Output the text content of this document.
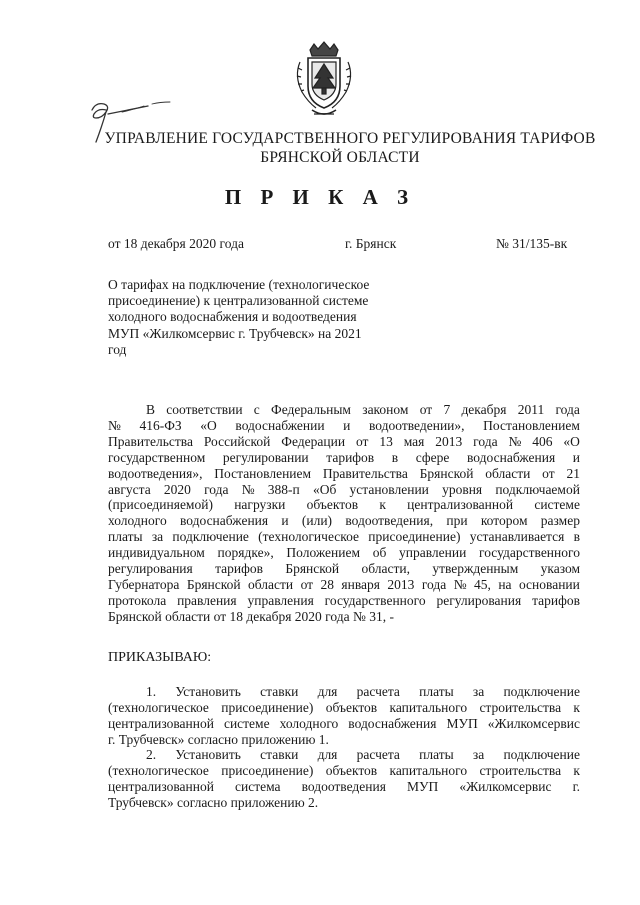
УПРАВЛЕНИЕ ГОСУДАРСТВЕННОГО РЕГУЛИРОВАНИЯ ТАРИФОВ
БРЯНСКОЙ ОБЛАСТИ
П Р И К А З
от 18 декабря 2020 года	г. Брянск	№ 31/135-вк
О тарифах на подключение (технологическое
присоединение) к централизованной системе
холодного водоснабжения и водоотведения
МУП «Жилкомсервис г. Трубчевск» на 2021
год
В соответствии с Федеральным законом от 7 декабря 2011 года
№ 416-ФЗ «О водоснабжении и водоотведении», Постановлением
Правительства Российской Федерации от 13 мая 2013 года № 406 «О
государственном регулировании тарифов в сфере водоснабжения и
водоотведения», Постановлением Правительства Брянской области от 21
августа 2020 года № 388-п «Об установлении уровня подключаемой
(присоединяемой) нагрузки объектов к централизованной системе
холодного водоснабжения и (или) водоотведения, при котором размер
платы за подключение (технологическое присоединение) устанавливается в
индивидуальном порядке», Положением об управлении государственного
регулирования тарифов Брянской области, утвержденным указом
Губернатора Брянской области от 28 января 2013 года № 45, на основании
протокола правления управления государственного регулирования тарифов
Брянской области от 18 декабря 2020 года № 31, -
ПРИКАЗЫВАЮ:
1. Установить ставки для расчета платы за подключение
(технологическое присоединение) объектов капитального строительства к
централизованной системе холодного водоснабжения МУП «Жилкомсервис
г. Трубчевск» согласно приложению 1.
2. Установить ставки для расчета платы за подключение
(технологическое присоединение) объектов капитального строительства к
централизованной система водоотведения МУП «Жилкомсервис г.
Трубчевск» согласно приложению 2.
